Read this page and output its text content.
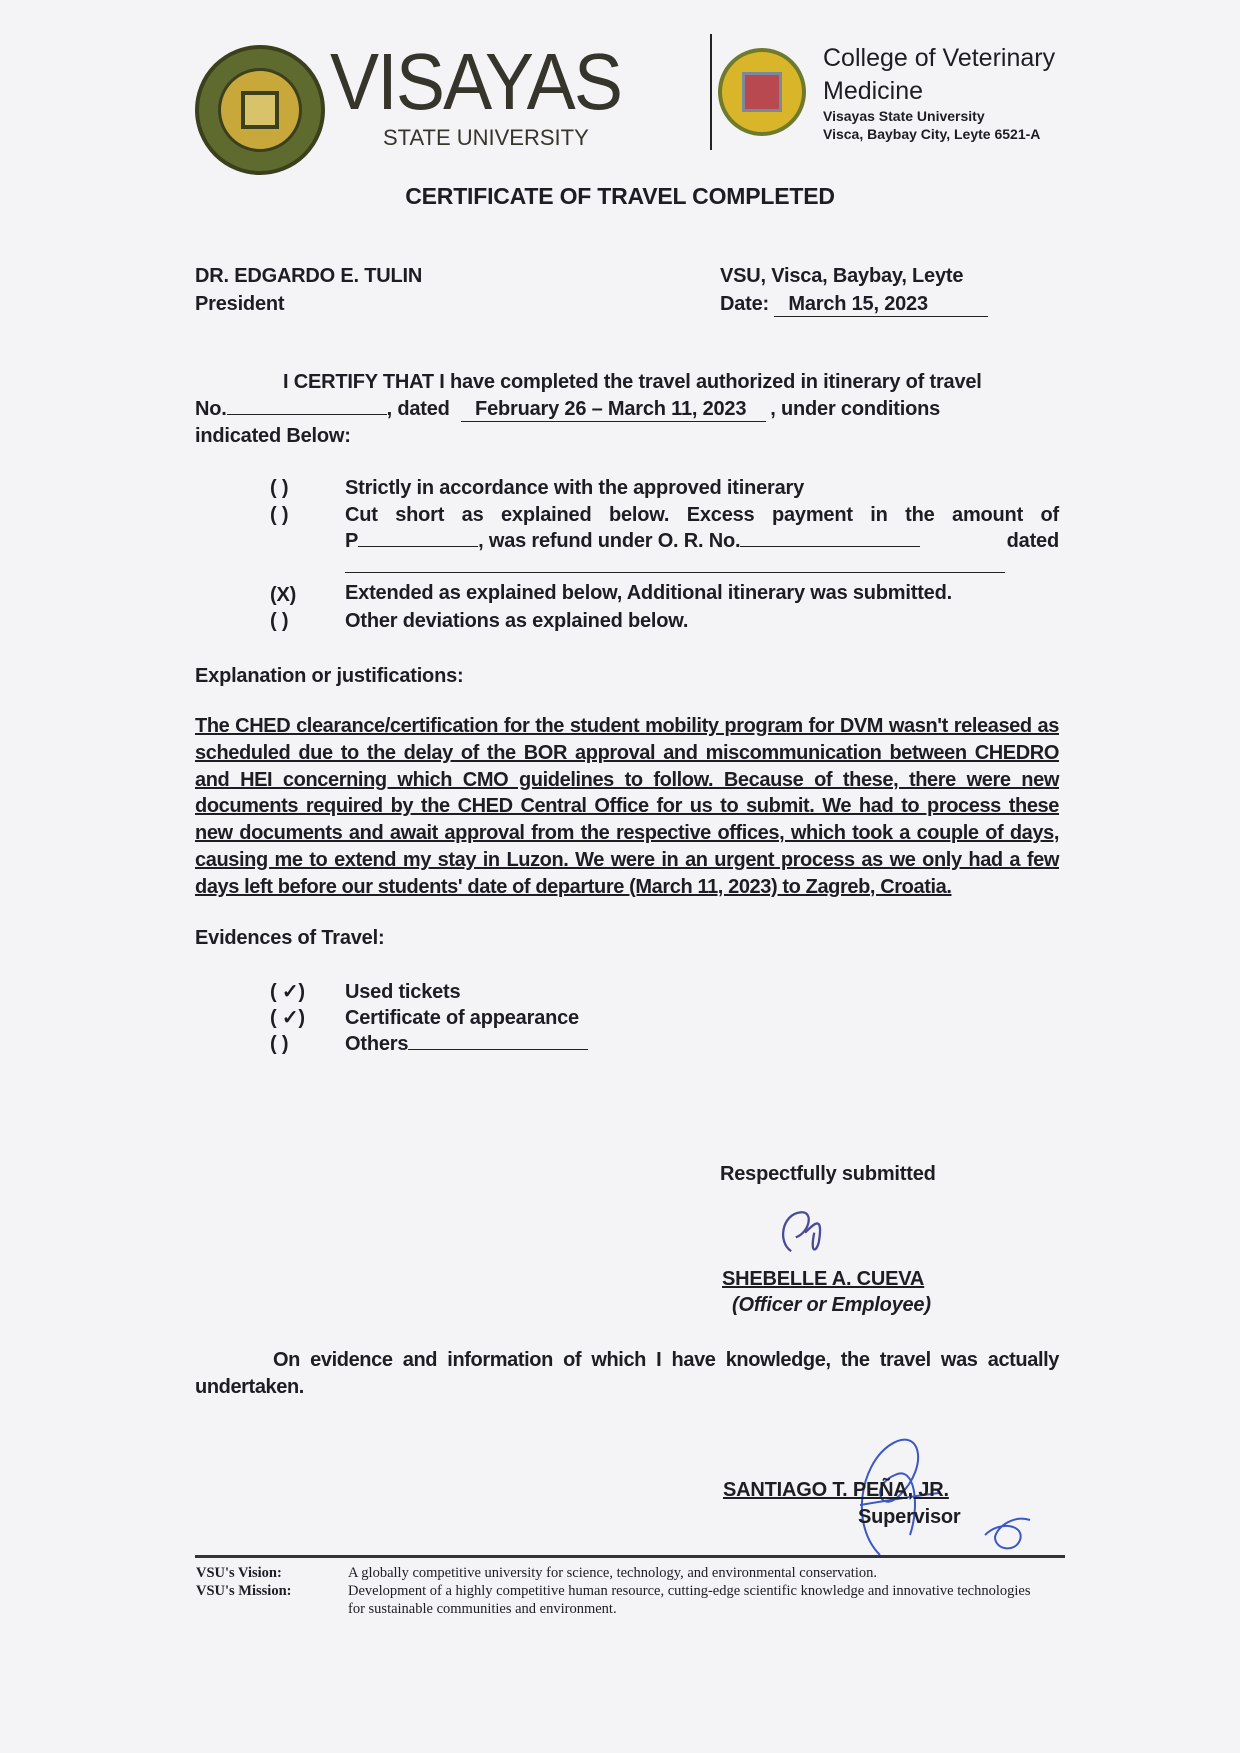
VISAYAS
STATE UNIVERSITY
College of Veterinary
Medicine
Visayas State University
Visca, Baybay City, Leyte 6521-A
CERTIFICATE OF TRAVEL COMPLETED
DR. EDGARDO E. TULIN
President
VSU, Visca, Baybay, Leyte
Date: March 15, 2023
I CERTIFY THAT I have completed the travel authorized in itinerary of travel
No.	, dated February 26 – March 11, 2023 , under conditions
indicated Below:
( )	Strictly in accordance with the approved itinerary
( )	Cut short as explained below. Excess payment in the amount of
P	, was refund under O. R. No.	dated
(X) Extended as explained below, Additional itinerary was submitted.
( )	Other deviations as explained below.
Explanation or justifications:
The CHED clearance/certification for the student mobility program for DVM wasn't released as scheduled due to the delay of the BOR approval and miscommunication between CHEDRO and HEI concerning which CMO guidelines to follow. Because of these, there were new documents required by the CHED Central Office for us to submit. We had to process these new documents and await approval from the respective offices, which took a couple of days, causing me to extend my stay in Luzon. We were in an urgent process as we only had a few days left before our students' date of departure (March 11, 2023) to Zagreb, Croatia.
Evidences of Travel:
( ✓) Used tickets
( ✓) Certificate of appearance
( )	Others
Respectfully submitted
SHEBELLE A. CUEVA
(Officer or Employee)
On evidence and information of which I have knowledge, the travel was actually undertaken.
SANTIAGO T. PEÑA, JR.
Supervisor
VSU's Vision:	A globally competitive university for science, technology, and environmental conservation.
VSU's Mission:	Development of a highly competitive human resource, cutting-edge scientific knowledge and innovative technologies for sustainable communities and environment.
